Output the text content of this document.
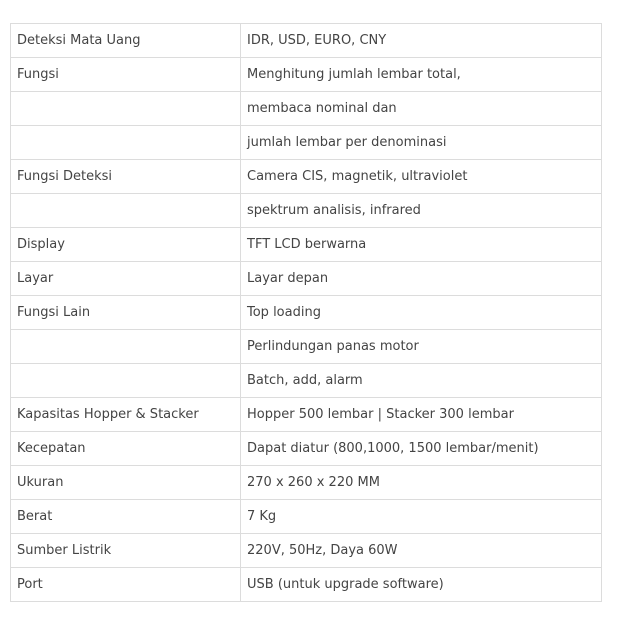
Deteksi Mata Uang	IDR, USD, EURO, CNY
Fungsi	Menghitung jumlah lembar total,
	membaca nominal dan
	jumlah lembar per denominasi
Fungsi Deteksi	Camera CIS, magnetik, ultraviolet
	spektrum analisis, infrared
Display	TFT LCD berwarna
Layar	Layar depan
Fungsi Lain	Top loading
	Perlindungan panas motor
	Batch, add, alarm
Kapasitas Hopper & Stacker	Hopper 500 lembar | Stacker 300 lembar
Kecepatan	Dapat diatur (800,1000, 1500 lembar/menit)
Ukuran	270 x 260 x 220 MM
Berat	7 Kg
Sumber Listrik	220V, 50Hz, Daya 60W
Port	USB (untuk upgrade software)
